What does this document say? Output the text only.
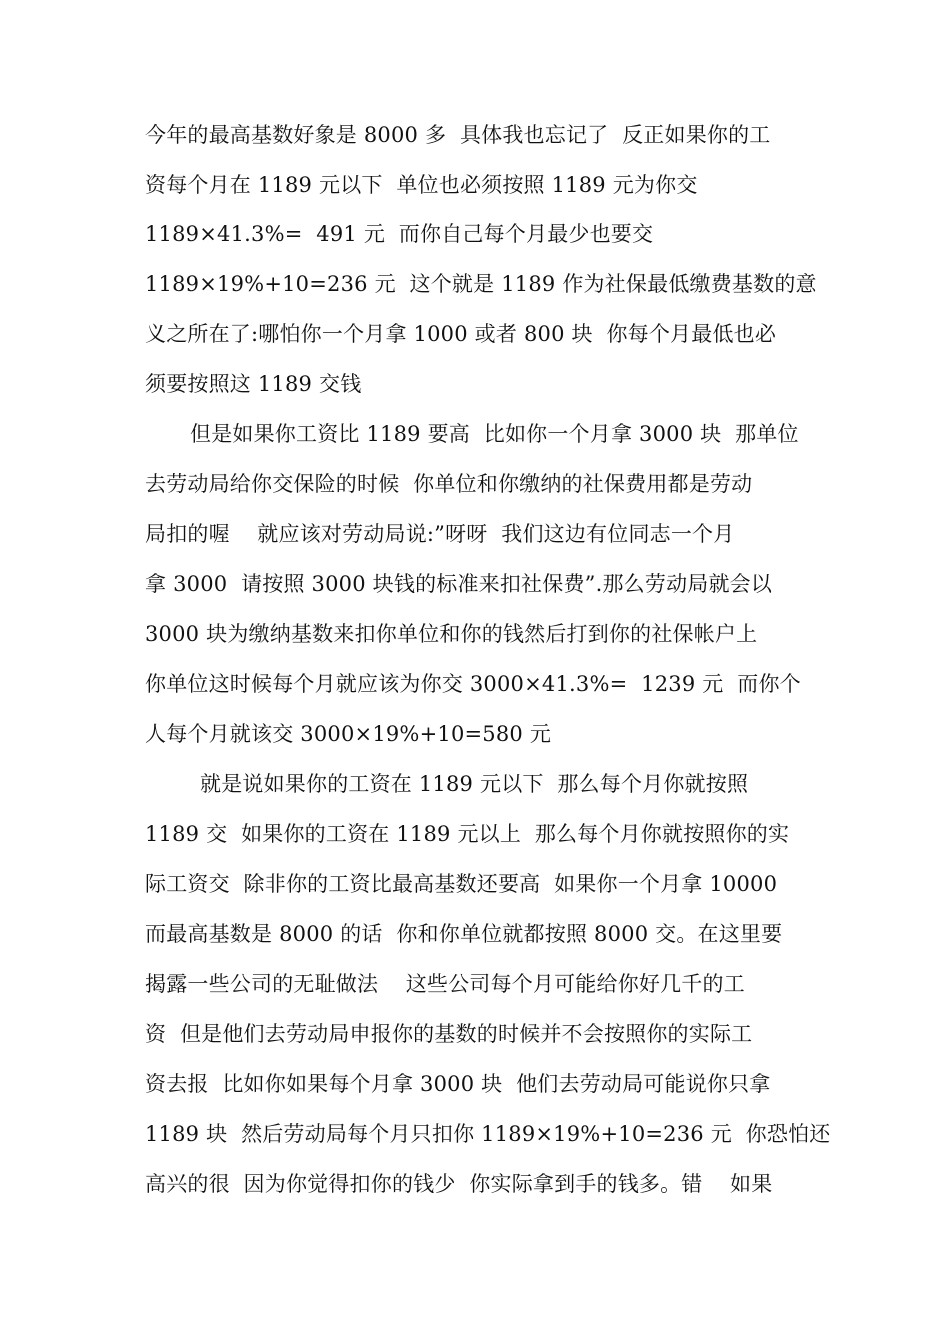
今年的最高基数好象是 8000 多  具体我也忘记了  反正如果你的工
资每个月在 1189 元以下  单位也必须按照 1189 元为你交
1189×41.3%=  491 元  而你自己每个月最少也要交
1189×19%+10=236 元  这个就是 1189 作为社保最低缴费基数的意
义之所在了:哪怕你一个月拿 1000 或者 800 块  你每个月最低也必
须要按照这 1189 交钱
但是如果你工资比 1189 要高  比如你一个月拿 3000 块  那单位
去劳动局给你交保险的时候  你单位和你缴纳的社保费用都是劳动
局扣的喔    就应该对劳动局说:”呀呀  我们这边有位同志一个月
拿 3000  请按照 3000 块钱的标准来扣社保费”.那么劳动局就会以
3000 块为缴纳基数来扣你单位和你的钱然后打到你的社保帐户上
你单位这时候每个月就应该为你交 3000×41.3%=  1239 元  而你个
人每个月就该交 3000×19%+10=580 元
就是说如果你的工资在 1189 元以下  那么每个月你就按照
1189 交  如果你的工资在 1189 元以上  那么每个月你就按照你的实
际工资交  除非你的工资比最高基数还要高  如果你一个月拿 10000
而最高基数是 8000 的话  你和你单位就都按照 8000 交。在这里要
揭露一些公司的无耻做法    这些公司每个月可能给你好几千的工
资  但是他们去劳动局申报你的基数的时候并不会按照你的实际工
资去报  比如你如果每个月拿 3000 块  他们去劳动局可能说你只拿
1189 块  然后劳动局每个月只扣你 1189×19%+10=236 元  你恐怕还
高兴的很  因为你觉得扣你的钱少  你实际拿到手的钱多。错    如果
